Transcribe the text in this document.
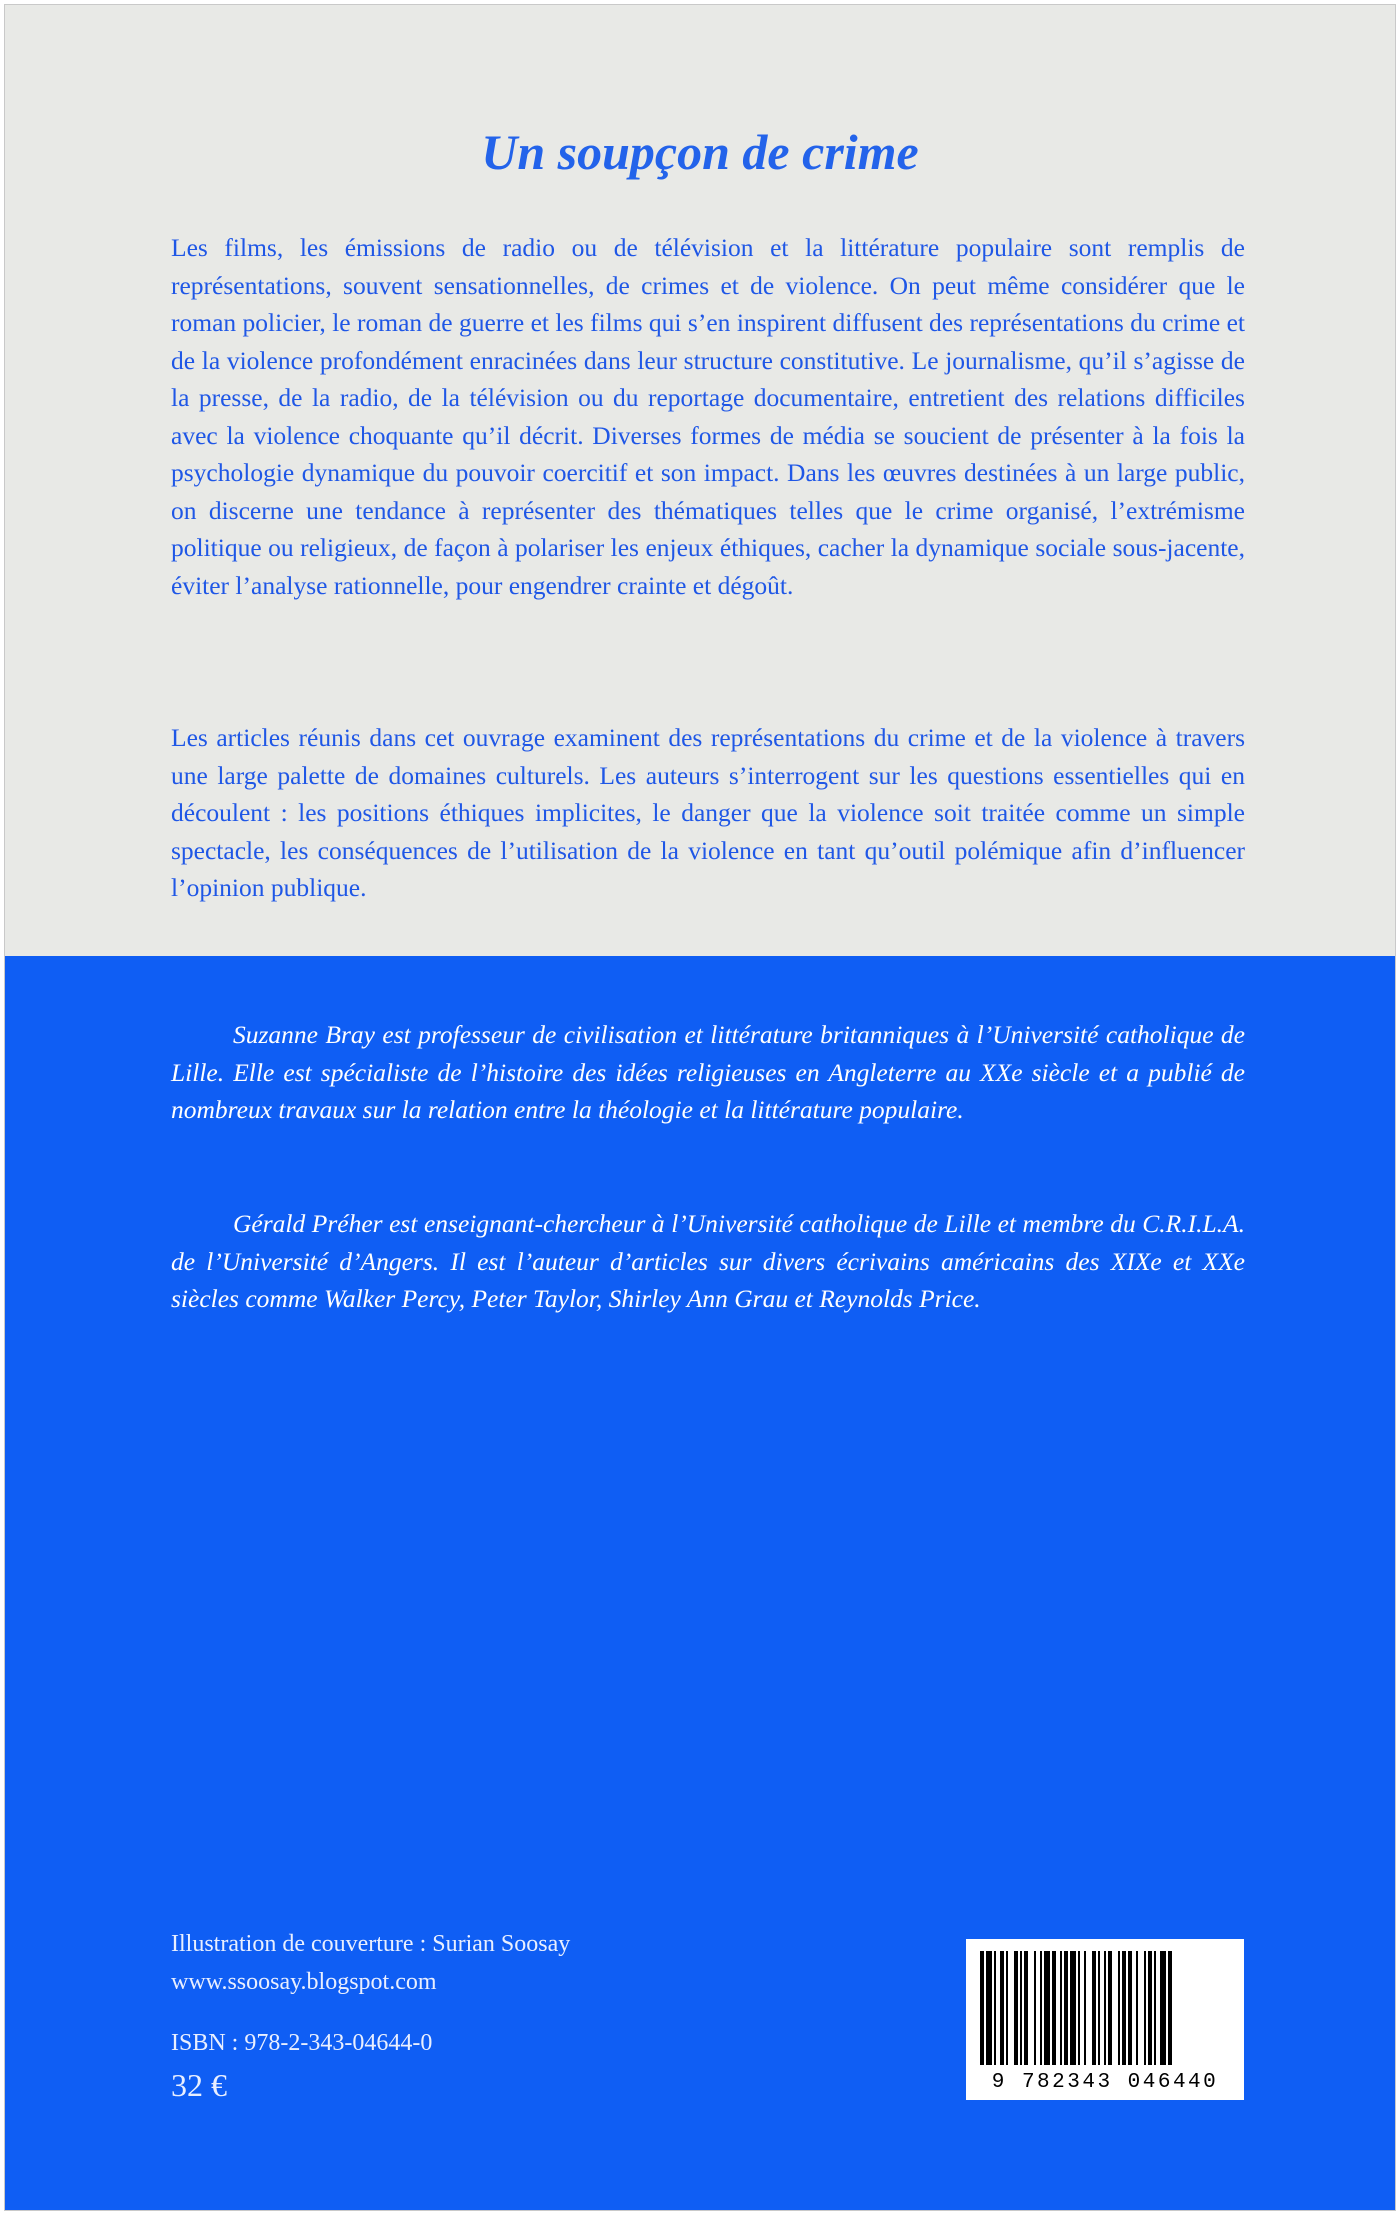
Un soupçon de crime

Les films, les émissions de radio ou de télévision et la littérature populaire sont remplis de représentations, souvent sensationnelles, de crimes et de violence. On peut même considérer que le roman policier, le roman de guerre et les films qui s’en inspirent diffusent des représentations du crime et de la violence profondément enracinées dans leur structure constitutive. Le journalisme, qu’il s’agisse de la presse, de la radio, de la télévision ou du reportage documentaire, entretient des relations difficiles avec la violence choquante qu’il décrit. Diverses formes de média se soucient de présenter à la fois la psychologie dynamique du pouvoir coercitif et son impact. Dans les œuvres destinées à un large public, on discerne une tendance à représenter des thématiques telles que le crime organisé, l’extrémisme politique ou religieux, de façon à polariser les enjeux éthiques, cacher la dynamique sociale sous-jacente, éviter l’analyse rationnelle, pour engendrer crainte et dégoût.

Les articles réunis dans cet ouvrage examinent des représentations du crime et de la violence à travers une large palette de domaines culturels. Les auteurs s’interrogent sur les questions essentielles qui en découlent : les positions éthiques implicites, le danger que la violence soit traitée comme un simple spectacle, les conséquences de l’utilisation de la violence en tant qu’outil polémique afin d’influencer l’opinion publique.

Suzanne Bray est professeur de civilisation et littérature britanniques à l’Université catholique de Lille. Elle est spécialiste de l’histoire des idées religieuses en Angleterre au XXe siècle et a publié de nombreux travaux sur la relation entre la théologie et la littérature populaire.

Gérald Préher est enseignant-chercheur à l’Université catholique de Lille et membre du C.R.I.L.A. de l’Université d’Angers. Il est l’auteur d’articles sur divers écrivains américains des XIXe et XXe siècles comme Walker Percy, Peter Taylor, Shirley Ann Grau et Reynolds Price.

Illustration de couverture : Surian Soosay
www.ssoosay.blogspot.com
ISBN : 978-2-343-04644-0
32 €	9 782343 046440
